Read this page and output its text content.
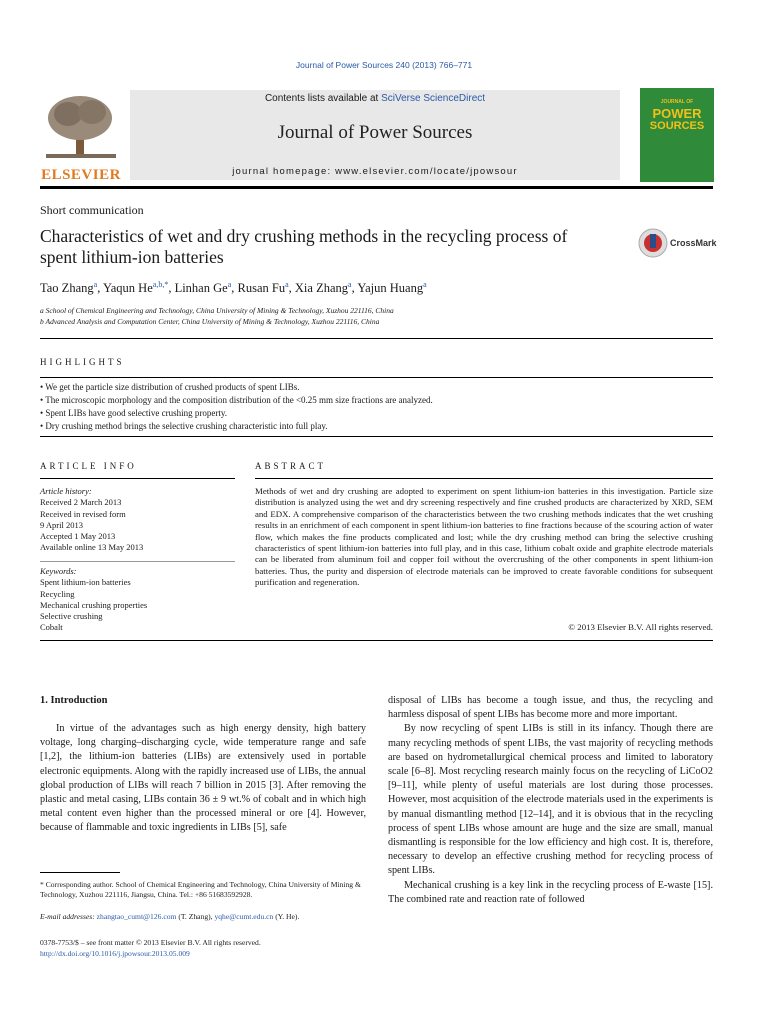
Journal of Power Sources 240 (2013) 766–771
ELSEVIER
Contents lists available at SciVerse ScienceDirect
Journal of Power Sources
journal homepage: www.elsevier.com/locate/jpowsour
JOURNAL OF
POWER
SOURCES
Short communication
Characteristics of wet and dry crushing methods in the recycling process of spent lithium-ion batteries
CrossMark
Tao Zhang$^a$, Yaqun $He^{a,b,*}$, Linhan Ge$^a$, Rusan Fu$^a$, Xia Zhang$^a$, Yajun Huang$^a$
a School of Chemical Engineering and Technology, China University of Mining & Technology, Xuzhou 221116, China
b Advanced Analysis and Computation Center, China University of Mining & Technology, Xuzhou 221116, China
HIGHLIGHTS
• We get the particle size distribution of crushed products of spent LIBs.
• The microscopic morphology and the composition distribution of the <0.25 mm size fractions are analyzed.
• Spent LIBs have good selective crushing property.
• Dry crushing method brings the selective crushing characteristic into full play.
ARTICLE INFO
Article history:
Received 2 March 2013
Received in revised form
9 April 2013
Accepted 1 May 2013
Available online 13 May 2013
Keywords:
Spent lithium-ion batteries
Recycling
Mechanical crushing properties
Selective crushing
Cobalt
ABSTRACT
Methods of wet and dry crushing are adopted to experiment on spent lithium-ion batteries in this investigation. Particle size distribution is analyzed using the wet and dry screening respectively and fine crushed products are characterized by XRD, SEM and EDX. A comprehensive comparison of the characteristics between the two crushing methods indicates that the wet crushing results in an enrichment of each component in spent lithium-ion batteries to fine fractions because of the scouring action of water flow, which makes the fine products complicated and lost; while the dry crushing method can bring the selective crushing characteristics of spent lithium-ion batteries into full play, and in this case, lithium cobalt oxide and graphite electrode materials can be liberated from aluminum foil and copper foil without the overcrushing of the other components in spent lithium-ion batteries. Thus, the purity and dispersion of electrode materials can be improved to create favorable conditions for subsequent purification and regeneration.
© 2013 Elsevier B.V. All rights reserved.
1. Introduction

In virtue of the advantages such as high energy density, high battery voltage, long charging–discharging cycle, wide temperature range and safe [1,2], the lithium-ion batteries (LIBs) are extensively used in portable electronic equipments. Along with the rapidly increased use of LIBs, the annual global production of LIBs will reach 7 billion in 2015 [3]. After removing the plastic and metal casing, LIBs contain 36 ± 9 wt.% of cobalt and in which high metal content even higher than the processed mineral or ore [4]. However, because of flammable and toxic ingredients in LIBs [5], safe

disposal of LIBs has become a tough issue, and thus, the recycling and harmless disposal of spent LIBs has become more and more important.

By now recycling of spent LIBs is still in its infancy. Though there are many recycling methods of spent LIBs, the vast majority of recycling methods are based on hydrometallurgical chemical process and limited to laboratory scale [6–8]. Most recycling research mainly focus on the recycling of LiCoO2 [9–11], while plenty of useful materials are lost during those processes. However, most acquisition of the electrode materials used in the experiments is by manual dismantling method [12–14], and it is obvious that in the recycling process of spent LIBs whose amount are huge and the size are small, manual dismantling is responsible for the low efficiency and high cost. It is, therefore, necessary to develop an effective crushing method for recycling process of spent LIBs.

Mechanical crushing is a key link in the recycling process of E-waste [15]. The combined rate and reaction rate of followed

* Corresponding author. School of Chemical Engineering and Technology, China University of Mining & Technology, Xuzhou 221116, Jiangsu, China. Tel.: +86 51683592928.
E-mail addresses: zhangtao_cumt@126.com (T. Zhang), yqhe@cumt.edu.cn (Y. He).
0378-7753/$ – see front matter © 2013 Elsevier B.V. All rights reserved.
http://dx.doi.org/10.1016/j.jpowsour.2013.05.009
